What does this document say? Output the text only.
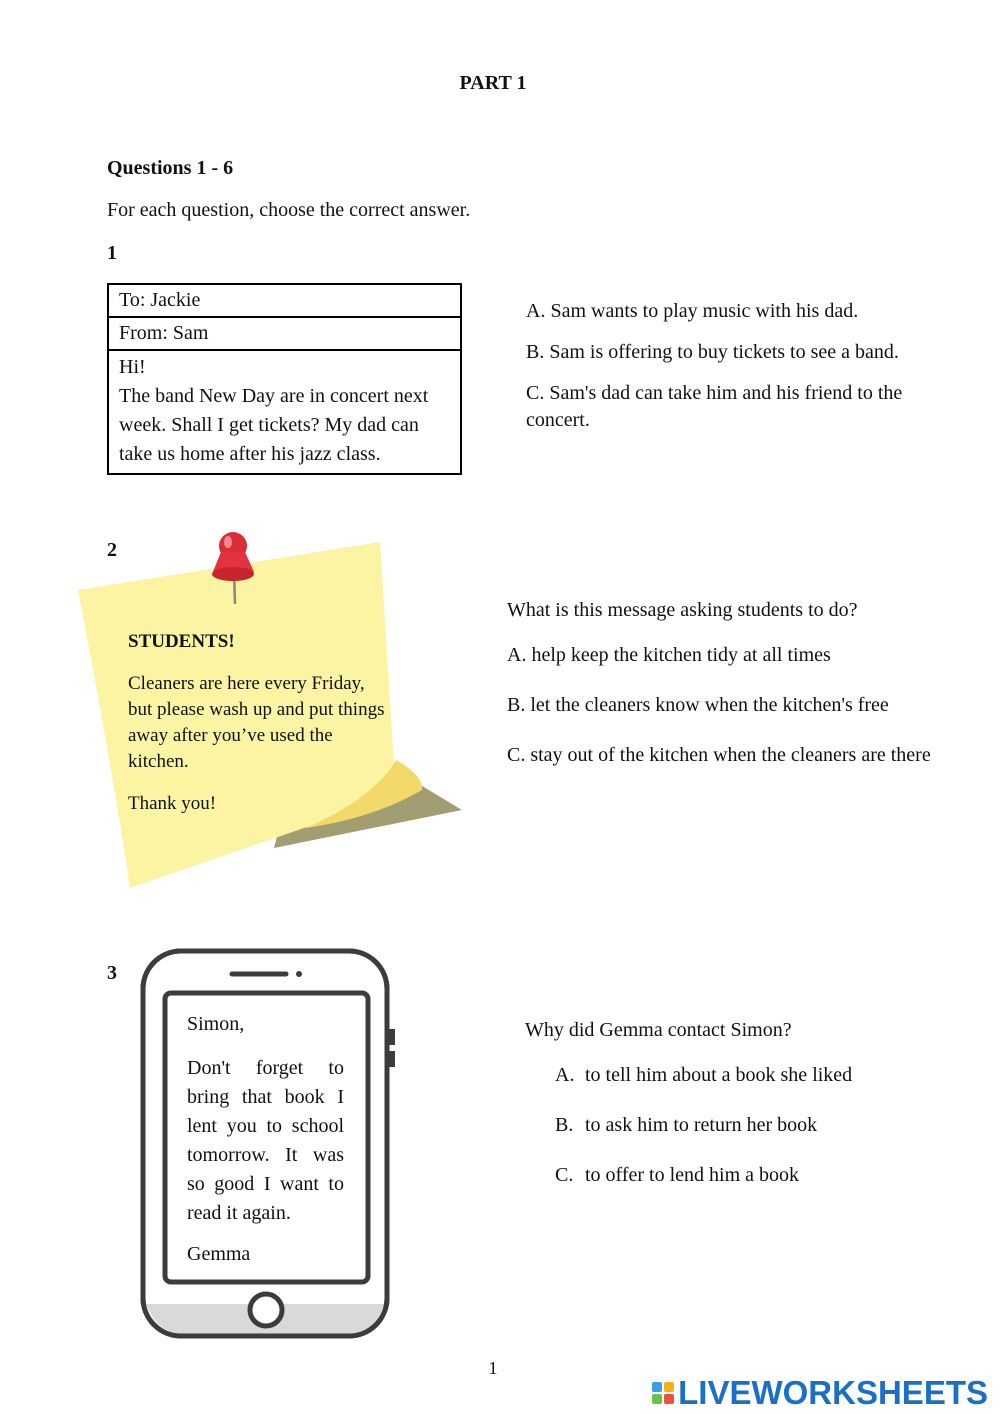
PART 1
Questions 1 - 6
For each question, choose the correct answer.
1
To: Jackie
From: Sam
Hi!
The band New Day are in concert next week. Shall I get tickets? My dad can take us home after his jazz class.
A. Sam wants to play music with his dad.
B. Sam is offering to buy tickets to see a band.
C. Sam's dad can take him and his friend to the concert.
2
STUDENTS!
Cleaners are here every Friday, but please wash up and put things away after you’ve used the kitchen.
Thank you!
What is this message asking students to do?
A. help keep the kitchen tidy at all times
B. let the cleaners know when the kitchen's free
C. stay out of the kitchen when the cleaners are there
3
Simon,
Don't forget to bring that book I lent you to school tomorrow. It was so good I want to read it again.
Gemma
Why did Gemma contact Simon?
A. to tell him about a book she liked
B. to ask him to return her book
C. to offer to lend him a book
1
LIVEWORKSHEETS
